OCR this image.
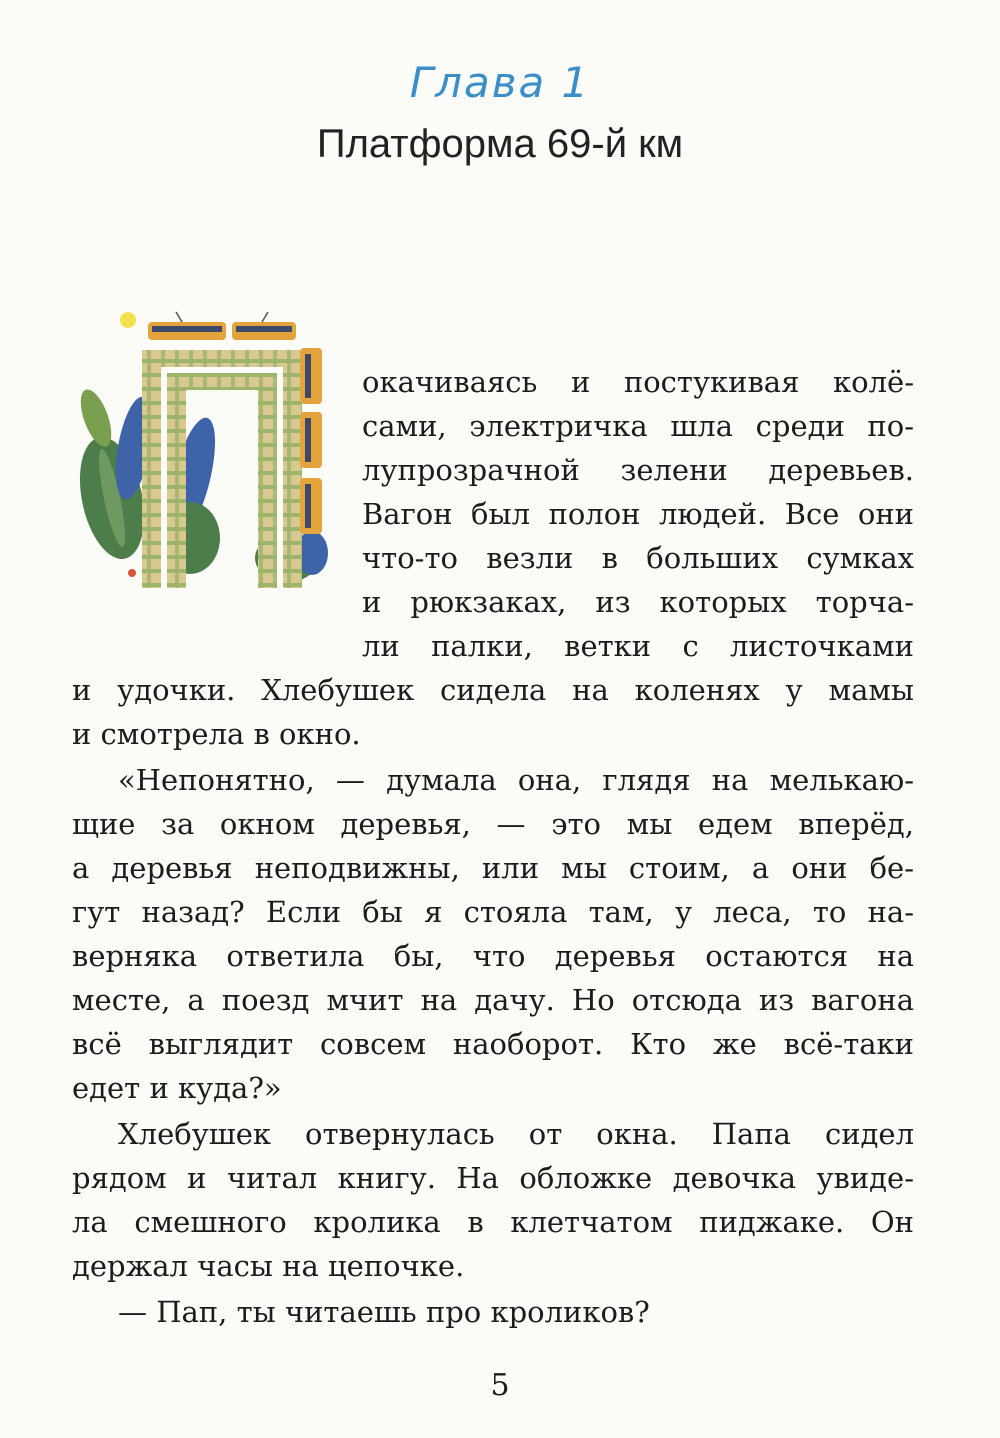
Глава 1
Платформа 69-й км

окачиваясь и постукивая колё-

сами, электричка шла среди по-

лупрозрачной зелени деревьев.

Вагон был полон людей. Все они

что-то везли в больших сумках

и рюкзаках, из которых торча-

ли палки, ветки с листочками

и удочки. Хлебушек сидела на коленях у мамы

и смотрела в окно.

«Непонятно, — думала она, глядя на мелькаю-

щие за окном деревья, — это мы едем вперёд,

а деревья неподвижны, или мы стоим, а они бе-

гут назад? Если бы я стояла там, у леса, то на-

верняка ответила бы, что деревья остаются на

месте, а поезд мчит на дачу. Но отсюда из вагона

всё выглядит совсем наоборот. Кто же всё-таки

едет и куда?»

Хлебушек отвернулась от окна. Папа сидел

рядом и читал книгу. На обложке девочка увиде-

ла смешного кролика в клетчатом пиджаке. Он

держал часы на цепочке.

— Пап, ты читаешь про кроликов?

5
